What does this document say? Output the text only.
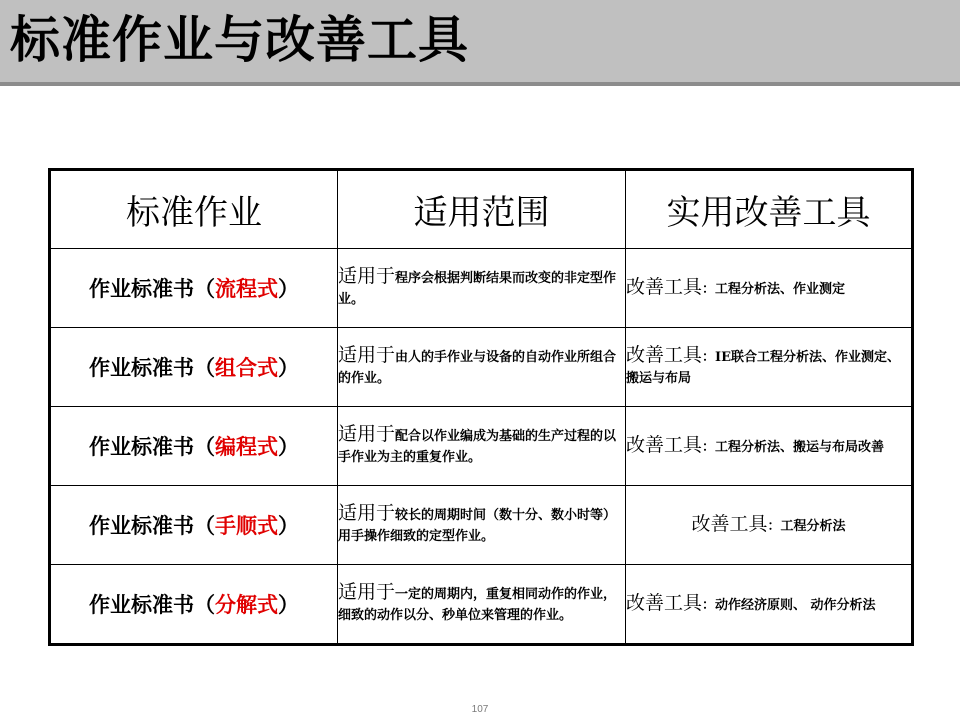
标准作业与改善工具
标准作业	适用范围	实用改善工具
作业标准书（流程式）	适用于程序会根据判断结果而改变的非定型作业。	改善工具：工程分析法、作业测定
作业标准书（组合式）	适用于由人的手作业与设备的自动作业所组合的作业。	改善工具：IE联合工程分析法、作业测定、搬运与布局
作业标准书（编程式）	适用于配合以作业编成为基础的生产过程的以手作业为主的重复作业。	改善工具：工程分析法、搬运与布局改善
作业标准书（手顺式）	适用于较长的周期时间（数十分、数小时等）用手操作细致的定型作业。	改善工具：工程分析法
作业标准书（分解式）	适用于一定的周期内，重复相同动作的作业，细致的动作以分、秒单位来管理的作业。	改善工具：动作经济原则、 动作分析法
107
